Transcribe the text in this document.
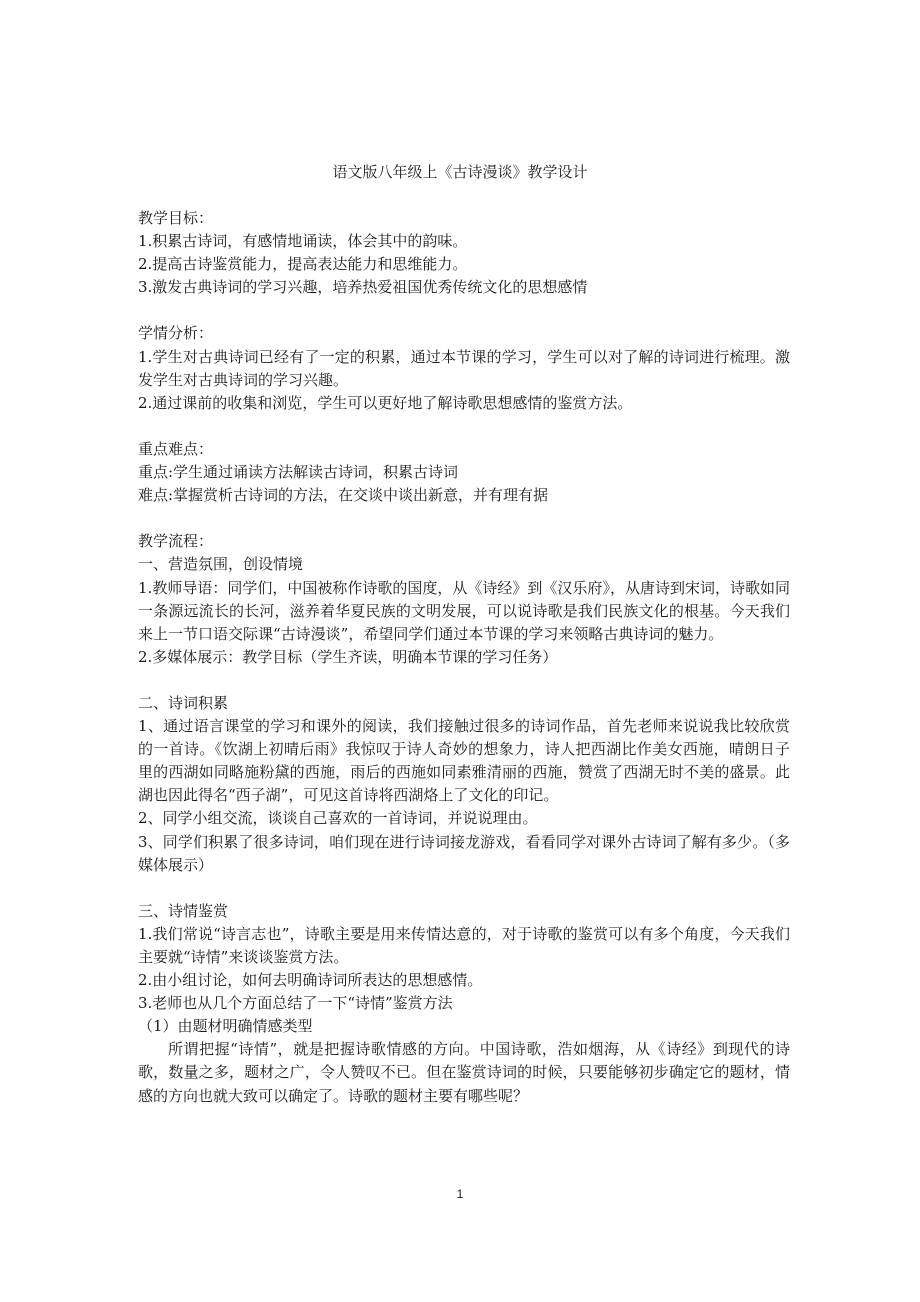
语文版八年级上《古诗漫谈》教学设计
教学目标：
1.积累古诗词，有感情地诵读，体会其中的韵味。
2.提高古诗鉴赏能力，提高表达能力和思维能力。
3.激发古典诗词的学习兴趣，培养热爱祖国优秀传统文化的思想感情
学情分析：
1.学生对古典诗词已经有了一定的积累，通过本节课的学习，学生可以对了解的诗词进行梳理。激发学生对古典诗词的学习兴趣。
2.通过课前的收集和浏览，学生可以更好地了解诗歌思想感情的鉴赏方法。
重点难点：
重点:学生通过诵读方法解读古诗词，积累古诗词
难点:掌握赏析古诗词的方法，在交谈中谈出新意，并有理有据
教学流程：
一、营造氛围，创设情境
1.教师导语：同学们，中国被称作诗歌的国度，从《诗经》到《汉乐府》，从唐诗到宋词，诗歌如同一条源远流长的长河，滋养着华夏民族的文明发展，可以说诗歌是我们民族文化的根基。今天我们来上一节口语交际课“古诗漫谈”，希望同学们通过本节课的学习来领略古典诗词的魅力。
2.多媒体展示：教学目标（学生齐读，明确本节课的学习任务）
二、诗词积累
1、通过语言课堂的学习和课外的阅读，我们接触过很多的诗词作品，首先老师来说说我比较欣赏的一首诗。《饮湖上初晴后雨》我惊叹于诗人奇妙的想象力，诗人把西湖比作美女西施，晴朗日子里的西湖如同略施粉黛的西施，雨后的西施如同素雅清丽的西施，赞赏了西湖无时不美的盛景。此湖也因此得名“西子湖”，可见这首诗将西湖烙上了文化的印记。
2、同学小组交流，谈谈自己喜欢的一首诗词，并说说理由。
3、同学们积累了很多诗词，咱们现在进行诗词接龙游戏，看看同学对课外古诗词了解有多少。（多媒体展示）
三、诗情鉴赏
1.我们常说“诗言志也”，诗歌主要是用来传情达意的，对于诗歌的鉴赏可以有多个角度，今天我们主要就“诗情”来谈谈鉴赏方法。
2.由小组讨论，如何去明确诗词所表达的思想感情。
3.老师也从几个方面总结了一下“诗情”鉴赏方法
（1）由题材明确情感类型
所谓把握“诗情”，就是把握诗歌情感的方向。中国诗歌，浩如烟海，从《诗经》到现代的诗歌，数量之多，题材之广，令人赞叹不已。但在鉴赏诗词的时候，只要能够初步确定它的题材，情感的方向也就大致可以确定了。诗歌的题材主要有哪些呢？
1
